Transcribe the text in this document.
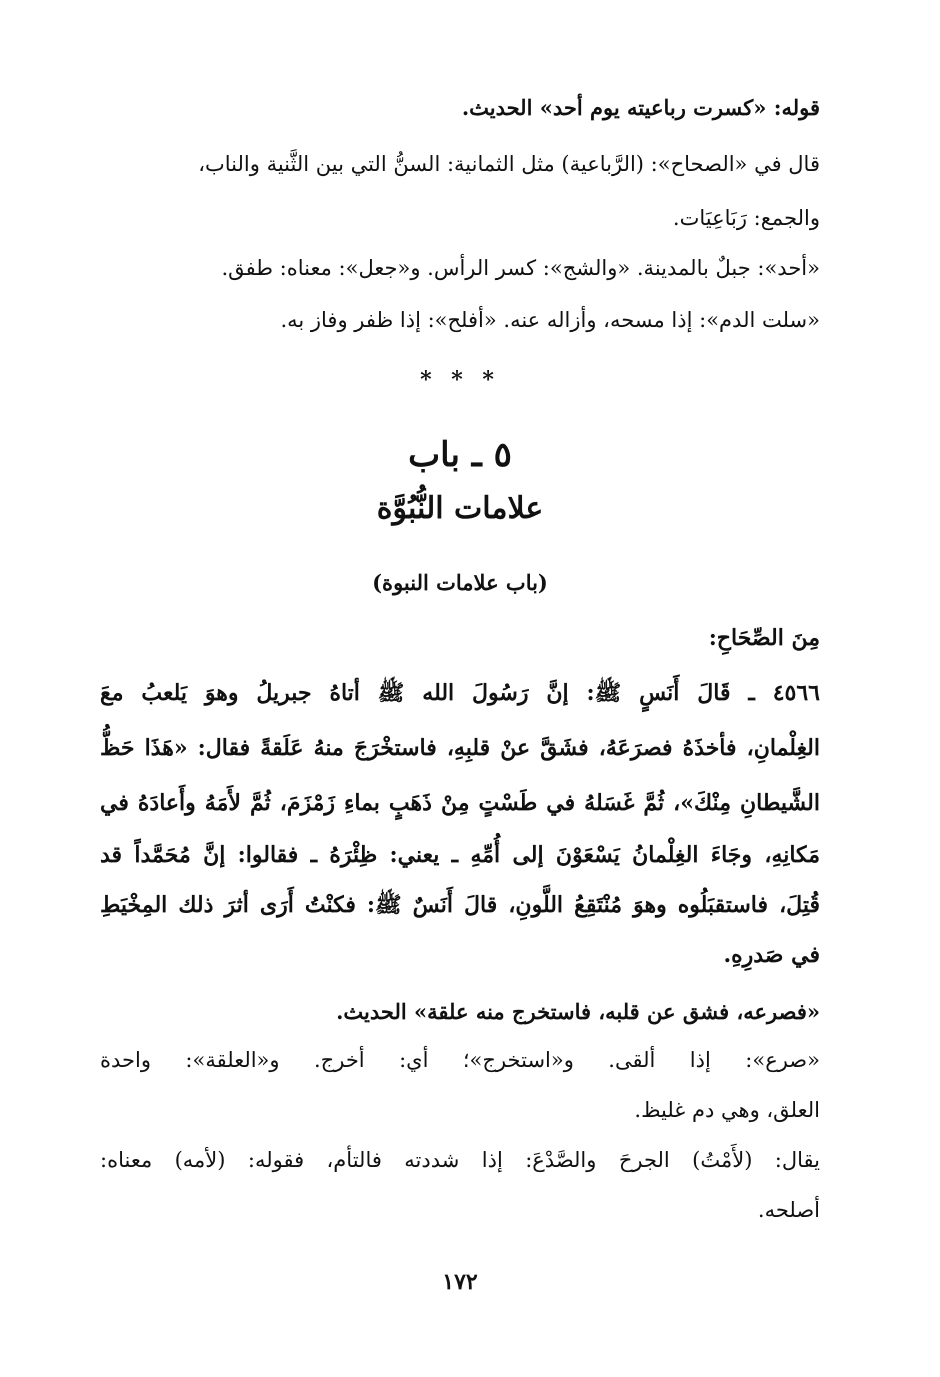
قوله: «كسرت رباعيته يوم أحد» الحديث.
قال في «الصحاح»: (الرَّباعية) مثل الثمانية: السنُّ التي بين الثَّنية والناب،
والجمع: رَبَاعِيَات.
«أحد»: جبلٌ بالمدينة. «والشج»: كسر الرأس. و«جعل»: معناه: طفق.
«سلت الدم»: إذا مسحه، وأزاله عنه. «أفلح»: إذا ظفر وفاز به.
* * *
٥ ـ باب
علامات النُّبُوَّة
(باب علامات النبوة)
مِنَ الصِّحَاحِ:
٤٥٦٦ ـ قَالَ أَنَسٍ ﷺ: إنَّ رَسُولَ الله ﷺ أتاهُ جبريلُ وهوَ يَلعبُ معَ
الغِلْمانِ، فأخذَهُ فصرَعَهُ، فشَقَّ عنْ قلبِهِ، فاستخْرَجَ منهُ عَلَقةً فقال: «هَذَا حَظُّ
الشَّيطانِ مِنْكَ»، ثُمَّ غَسَلهُ في طَسْتٍ مِنْ ذَهَبٍ بماءِ زَمْزَمَ، ثُمَّ لأَمَهُ وأَعادَهُ في
مَكانِهِ، وجَاءَ الغِلْمانُ يَسْعَوْنَ إلى أُمِّهِ ـ يعني: ظِئْرَهُ ـ فقالوا: إنَّ مُحَمَّداً قد
قُتِلَ، فاستقبَلُوه وهوَ مُنْتَقِعُ اللَّونِ، قالَ أَنَسٌ ﷺ: فكنْتُ أَرَى أثرَ ذلك المِخْيَطِ
في صَدرِهِ.
«فصرعه، فشق عن قلبه، فاستخرج منه علقة» الحديث.
«صرع»: إذا ألقى. و«استخرج»؛ أي: أخرج. و«العلقة»: واحدة
العلق، وهي دم غليظ.
يقال: (لأَمْتُ) الجرحَ والصَّدْعَ: إذا شددته فالتأم، فقوله: (لأمه) معناه:
أصلحه.
١٧٢
